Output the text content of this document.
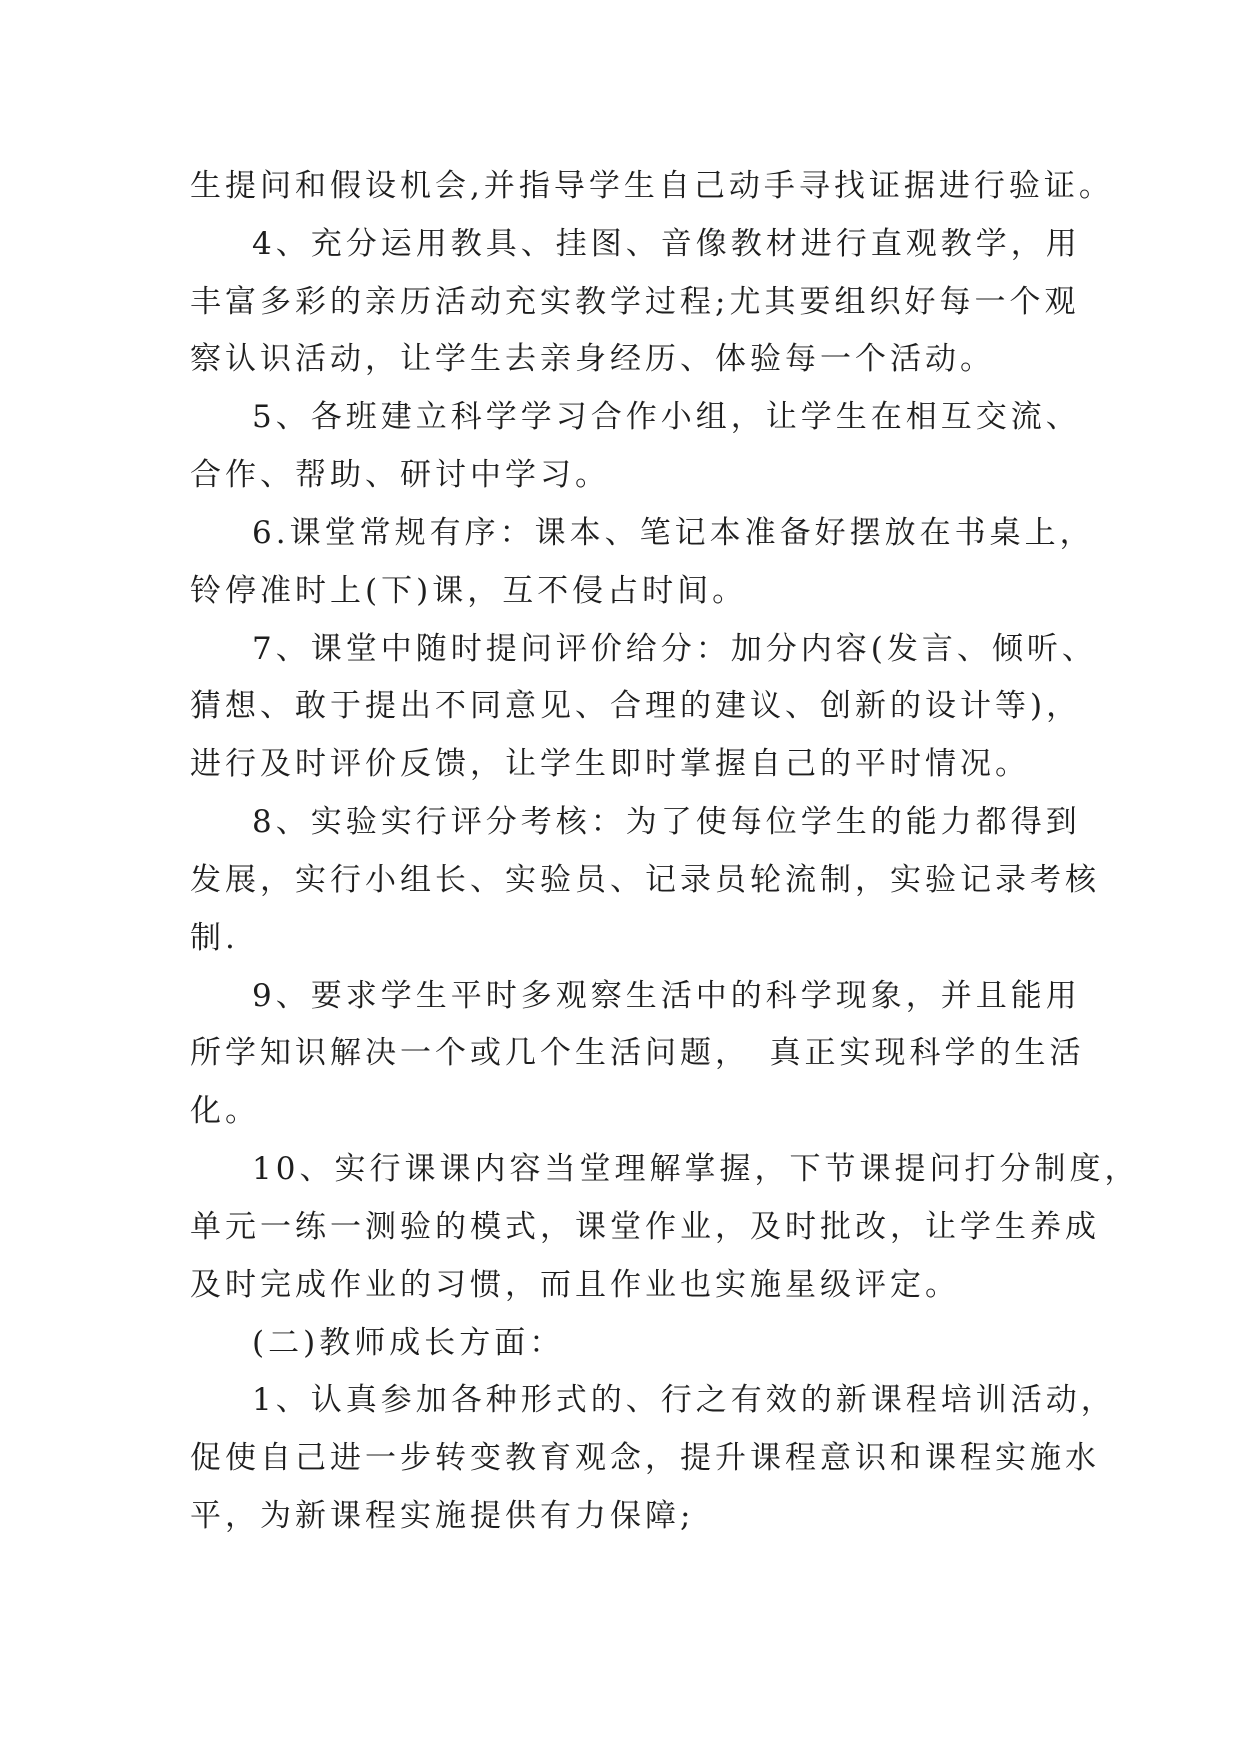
生提问和假设机会,并指导学生自己动手寻找证据进行验证。
4、充分运用教具、挂图、音像教材进行直观教学，用
丰富多彩的亲历活动充实教学过程;尤其要组织好每一个观
察认识活动，让学生去亲身经历、体验每一个活动。
5、各班建立科学学习合作小组，让学生在相互交流、
合作、帮助、研讨中学习。
6.课堂常规有序：课本、笔记本准备好摆放在书桌上，
铃停准时上(下)课，互不侵占时间。
7、课堂中随时提问评价给分：加分内容(发言、倾听、
猜想、敢于提出不同意见、合理的建议、创新的设计等)，
进行及时评价反馈，让学生即时掌握自己的平时情况。
8、实验实行评分考核：为了使每位学生的能力都得到
发展，实行小组长、实验员、记录员轮流制，实验记录考核
制.
9、要求学生平时多观察生活中的科学现象，并且能用
所学知识解决一个或几个生活问题，　真正实现科学的生活
化。
10、实行课课内容当堂理解掌握，下节课提问打分制度，
单元一练一测验的模式，课堂作业，及时批改，让学生养成
及时完成作业的习惯，而且作业也实施星级评定。
(二)教师成长方面：
1、认真参加各种形式的、行之有效的新课程培训活动，
促使自己进一步转变教育观念，提升课程意识和课程实施水
平，为新课程实施提供有力保障;
